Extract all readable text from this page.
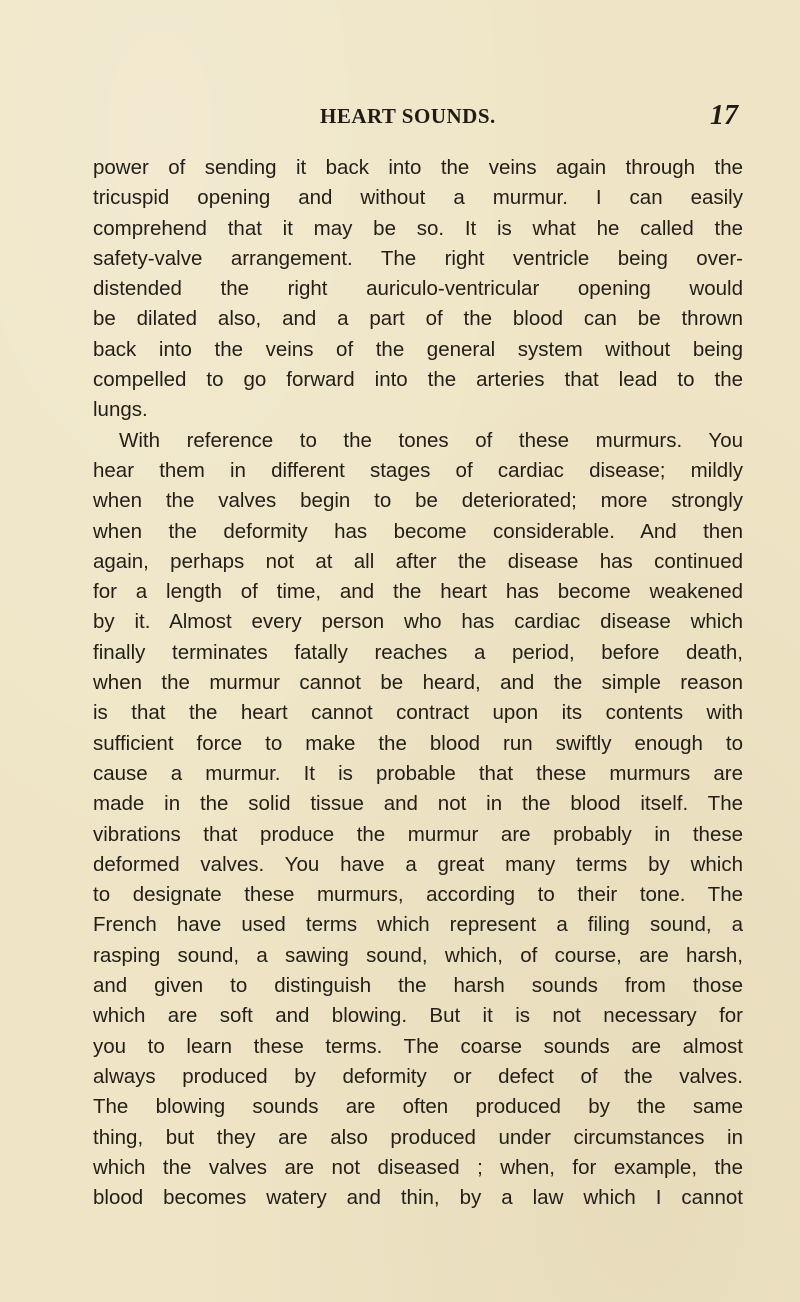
HEART SOUNDS.	17
power of sending it back into the veins again through the
tricuspid opening and without a murmur. I can easily
comprehend that it may be so. It is what he called the
safety-valve arrangement. The right ventricle being over-
distended the right auriculo-ventricular opening would
be dilated also, and a part of the blood can be thrown
back into the veins of the general system without being
compelled to go forward into the arteries that lead to the
lungs.
With reference to the tones of these murmurs. You
hear them in different stages of cardiac disease; mildly
when the valves begin to be deteriorated; more strongly
when the deformity has become considerable. And then
again, perhaps not at all after the disease has continued
for a length of time, and the heart has become weakened
by it. Almost every person who has cardiac disease which
finally terminates fatally reaches a period, before death,
when the murmur cannot be heard, and the simple reason
is that the heart cannot contract upon its contents with
sufficient force to make the blood run swiftly enough to
cause a murmur. It is probable that these murmurs are
made in the solid tissue and not in the blood itself. The
vibrations that produce the murmur are probably in these
deformed valves. You have a great many terms by which
to designate these murmurs, according to their tone. The
French have used terms which represent a filing sound, a
rasping sound, a sawing sound, which, of course, are harsh,
and given to distinguish the harsh sounds from those
which are soft and blowing. But it is not necessary for
you to learn these terms. The coarse sounds are almost
always produced by deformity or defect of the valves.
The blowing sounds are often produced by the same
thing, but they are also produced under circumstances in
which the valves are not diseased ; when, for example, the
blood becomes watery and thin, by a law which I cannot
